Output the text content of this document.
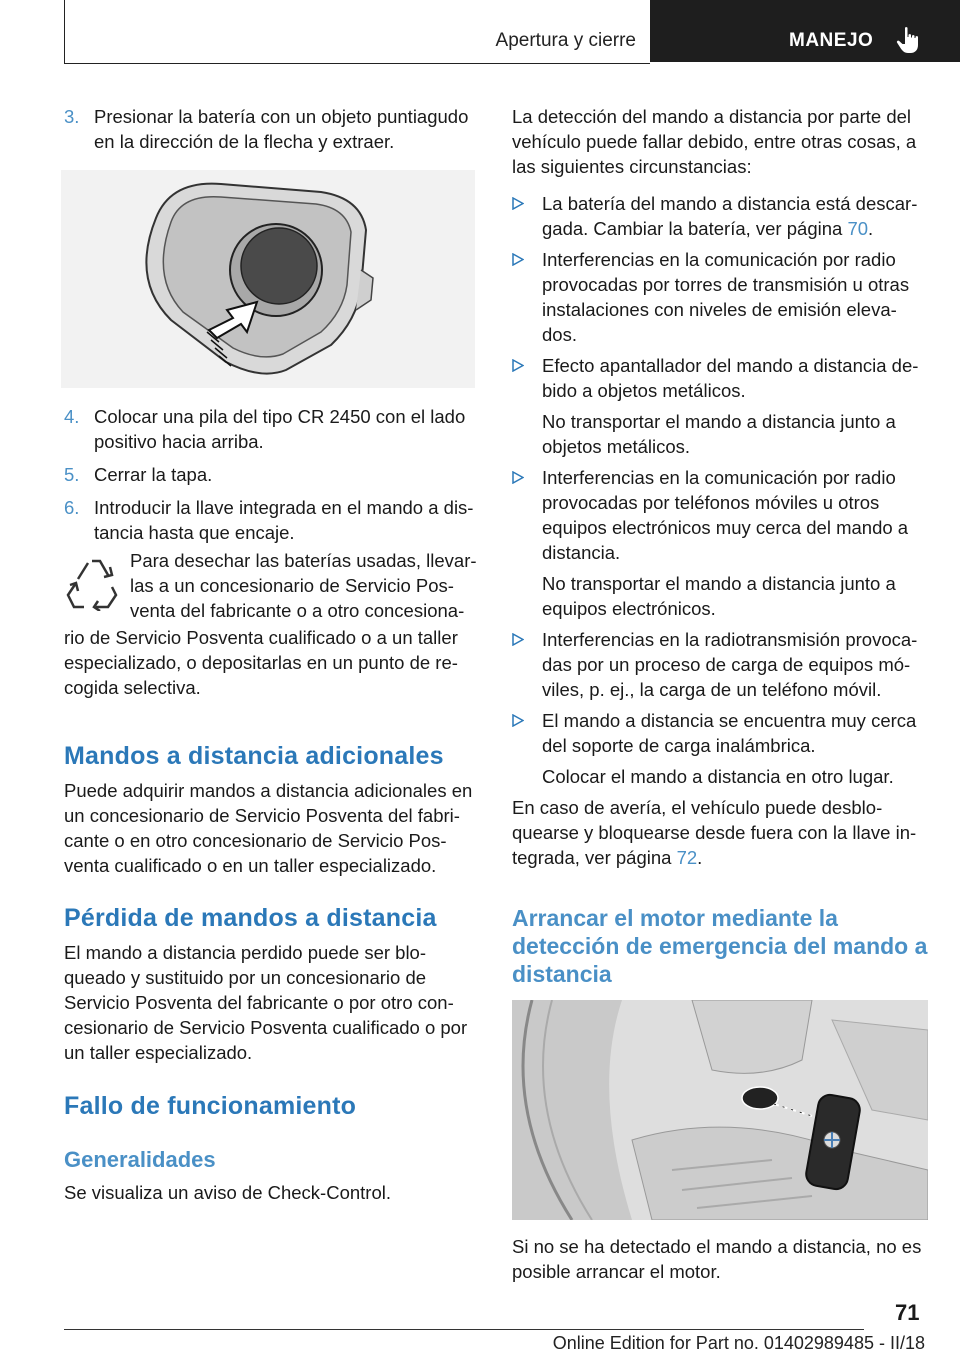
Apertura y cierre	MANEJO
3. Presionar la batería con un objeto puntiagudo en la dirección de la flecha y extraer.
4. Colocar una pila del tipo CR 2450 con el lado positivo hacia arriba.
5. Cerrar la tapa.
6. Introducir la llave integrada en el mando a dis‐tancia hasta que encaje.
Para desechar las baterías usadas, llevar‐las a un concesionario de Servicio Pos‐venta del fabricante o a otro concesiona‐
rio de Servicio Posventa cualificado o a un taller especializado, o depositarlas en un punto de re‐cogida selectiva.
Mandos a distancia adicionales
Puede adquirir mandos a distancia adicionales en un concesionario de Servicio Posventa del fabri‐cante o en otro concesionario de Servicio Pos‐venta cualificado o en un taller especializado.
Pérdida de mandos a distancia
El mando a distancia perdido puede ser blo‐queado y sustituido por un concesionario de Servicio Posventa del fabricante o por otro con‐cesionario de Servicio Posventa cualificado o por un taller especializado.
Fallo de funcionamiento
Generalidades
Se visualiza un aviso de Check-Control.
La detección del mando a distancia por parte del vehículo puede fallar debido, entre otras cosas, a las siguientes circunstancias:
La batería del mando a distancia está descar‐gada. Cambiar la batería, ver página 70.
Interferencias en la comunicación por radio provocadas por torres de transmisión u otras instalaciones con niveles de emisión eleva‐dos.
Efecto apantallador del mando a distancia de‐bido a objetos metálicos.
No transportar el mando a distancia junto a objetos metálicos.
Interferencias en la comunicación por radio provocadas por teléfonos móviles u otros equipos electrónicos muy cerca del mando a distancia.
No transportar el mando a distancia junto a equipos electrónicos.
Interferencias en la radiotransmisión provoca‐das por un proceso de carga de equipos mó‐viles, p. ej., la carga de un teléfono móvil.
El mando a distancia se encuentra muy cerca del soporte de carga inalámbrica.
Colocar el mando a distancia en otro lugar.
En caso de avería, el vehículo puede desblo‐quearse y bloquearse desde fuera con la llave in‐tegrada, ver página 72.
Arrancar el motor mediante la detección de emergencia del mando a distancia
Si no se ha detectado el mando a distancia, no es posible arrancar el motor.
71
Online Edition for Part no. 01402989485 - II/18
